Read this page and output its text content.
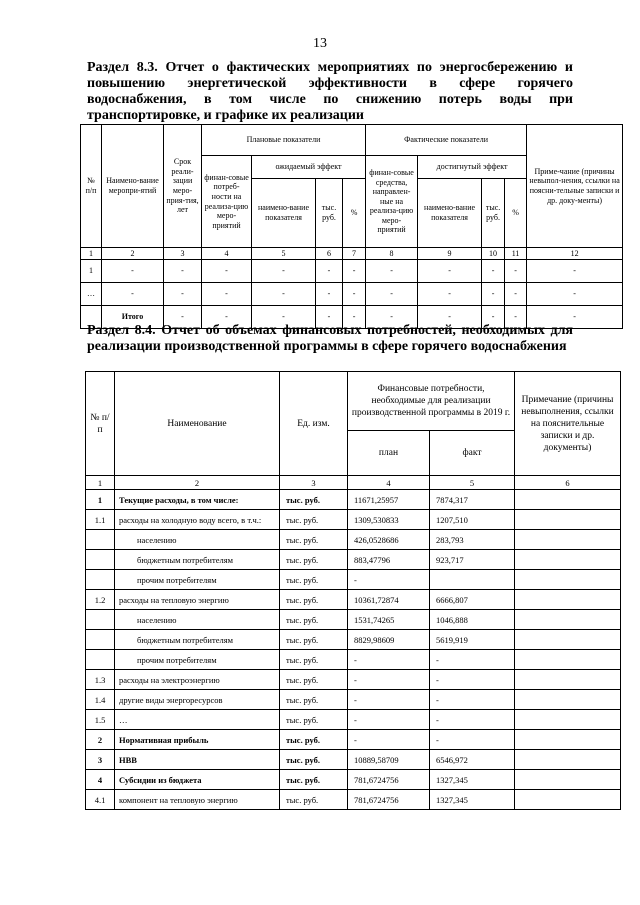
13
Раздел 8.3. Отчет о фактических мероприятиях по энергосбережению и повышению энергетической эффективности в сфере горячего водоснабжения, в том числе по снижению потерь воды при транспортировке, и графике их реализации
№ п/п	Наимено-вание меропри-ятий	Срок реали-зации меро-прия-тия, лет	Плановые показатели				Фактические показатели				Приме-чание (причины невыпол-нения, ссылки на поясни-тельные записки и др. доку-менты)
			финан-совые потреб-ности на реализа-цию меро-приятий	ожидаемый эффект			финан-совые средства, направлен-ные на реализа-цию меро-приятий	достигнутый эффект			
				наимено-вание показателя	тыс. руб.	%		наимено-вание показателя	тыс. руб.	%	
1	2	3	4	5	6	7	8	9	10	11	12
1	-	-	-	-	-	-	-	-	-	-	-
…	-	-	-	-	-	-	-	-	-	-	-
	Итого	-	-	-	-	-	-	-	-	-	-
Раздел 8.4. Отчет об объемах финансовых потребностей, необходимых для реализации производственной программы в сфере горячего водоснабжения
№ п/п	Наименование	Ед. изм.	Финансовые потребности, необходимые для реализации производственной программы в 2019 г.		Примечание (причины невыполнения, ссылки на пояснительные записки и др. документы)
			план	факт	
1	2	3	4	5	6
1	Текущие расходы, в том числе:	тыс. руб.	11671,25957	7874,317	
1.1	расходы на холодную воду всего, в т.ч.:	тыс. руб.	1309,530833	1207,510	
	населению	тыс. руб.	426,0528686	283,793	
	бюджетным потребителям	тыс. руб.	883,47796	923,717	
	прочим потребителям	тыс. руб.	-		
1.2	расходы на тепловую энергию	тыс. руб.	10361,72874	6666,807	
	населению	тыс. руб.	1531,74265	1046,888	
	бюджетным потребителям	тыс. руб.	8829,98609	5619,919	
	прочим потребителям	тыс. руб.	-	-	
1.3	расходы на электроэнергию	тыс. руб.	-	-	
1.4	другие виды энергоресурсов	тыс. руб.	-	-	
1.5	…	тыс. руб.	-	-	
2	Нормативная прибыль	тыс. руб.	-	-	
3	НВВ	тыс. руб.	10889,58709	6546,972	
4	Субсидии из бюджета	тыс. руб.	781,6724756	1327,345	
4.1	компонент на тепловую энергию	тыс. руб.	781,6724756	1327,345	
